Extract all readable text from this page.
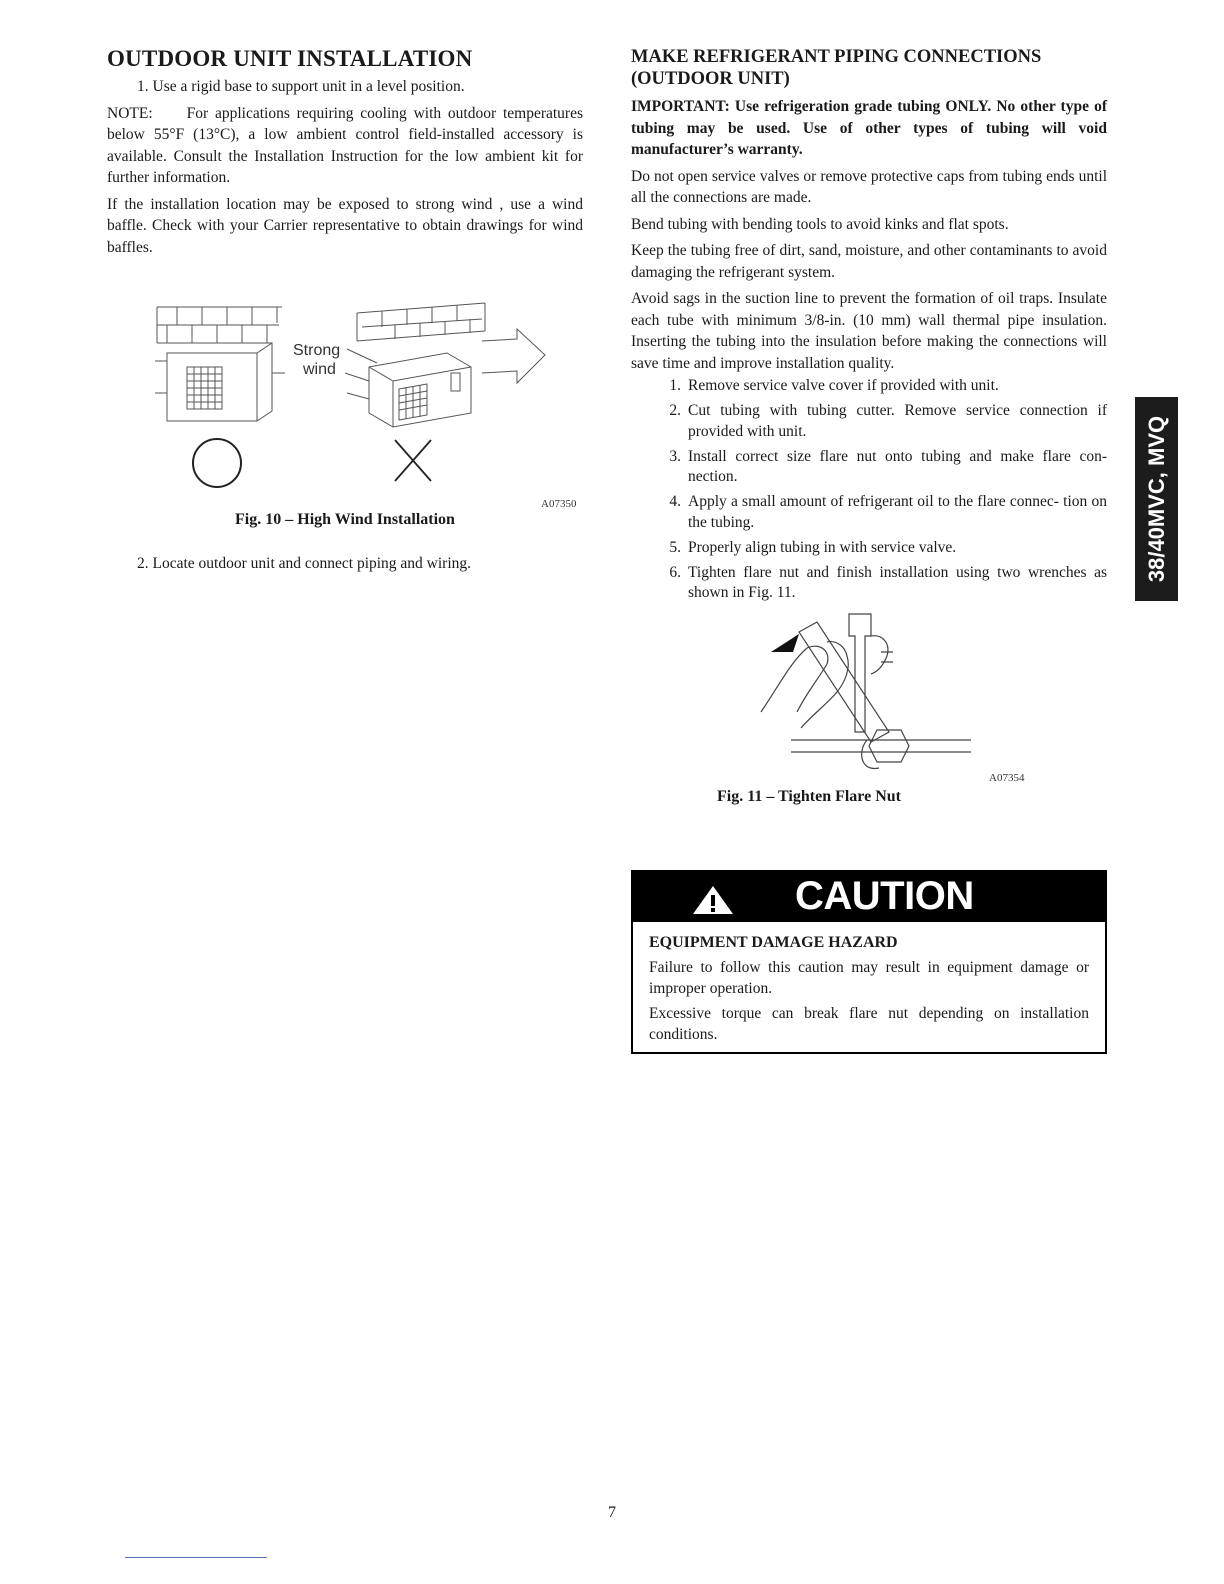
OUTDOOR UNIT INSTALLATION

1. Use a rigid base to support unit in a level position.

NOTE: For applications requiring cooling with outdoor temperatures below 55°F (13°C), a low ambient control field-installed accessory is available. Consult the Installation Instruction for the low ambient kit for further information.

If the installation location may be exposed to strong wind , use a wind baffle. Check with your Carrier representative to obtain drawings for wind baffles.

Strong
wind
A07350
Fig. 10 – High Wind Installation

2. Locate outdoor unit and connect piping and wiring.

MAKE REFRIGERANT PIPING CONNECTIONS
(OUTDOOR UNIT)

IMPORTANT: Use refrigeration grade tubing ONLY. No other type of tubing may be used. Use of other types of tubing will void manufacturer’s warranty.

Do not open service valves or remove protective caps from tubing ends until all the connections are made.

Bend tubing with bending tools to avoid kinks and flat spots.

Keep the tubing free of dirt, sand, moisture, and other contaminants to avoid damaging the refrigerant system.

Avoid sags in the suction line to prevent the formation of oil traps. Insulate each tube with minimum 3/8-in. (10 mm) wall thermal pipe insulation. Inserting the tubing into the insulation before making the connections will save time and improve installation quality.

1. Remove service valve cover if provided with unit.
2. Cut tubing with tubing cutter. Remove service connection if provided with unit.
3. Install correct size flare nut onto tubing and make flare con- nection.
4. Apply a small amount of refrigerant oil to the flare connec- tion on the tubing.
5. Properly align tubing in with service valve.
6. Tighten flare nut and finish installation using two wrenches as shown in Fig. 11.
A07354
Fig. 11 – Tighten Flare Nut
CAUTION
EQUIPMENT DAMAGE HAZARD

Failure to follow this caution may result in equipment damage or improper operation.

Excessive torque can break flare nut depending on installation conditions.

38/40MVC, MVQ
7
